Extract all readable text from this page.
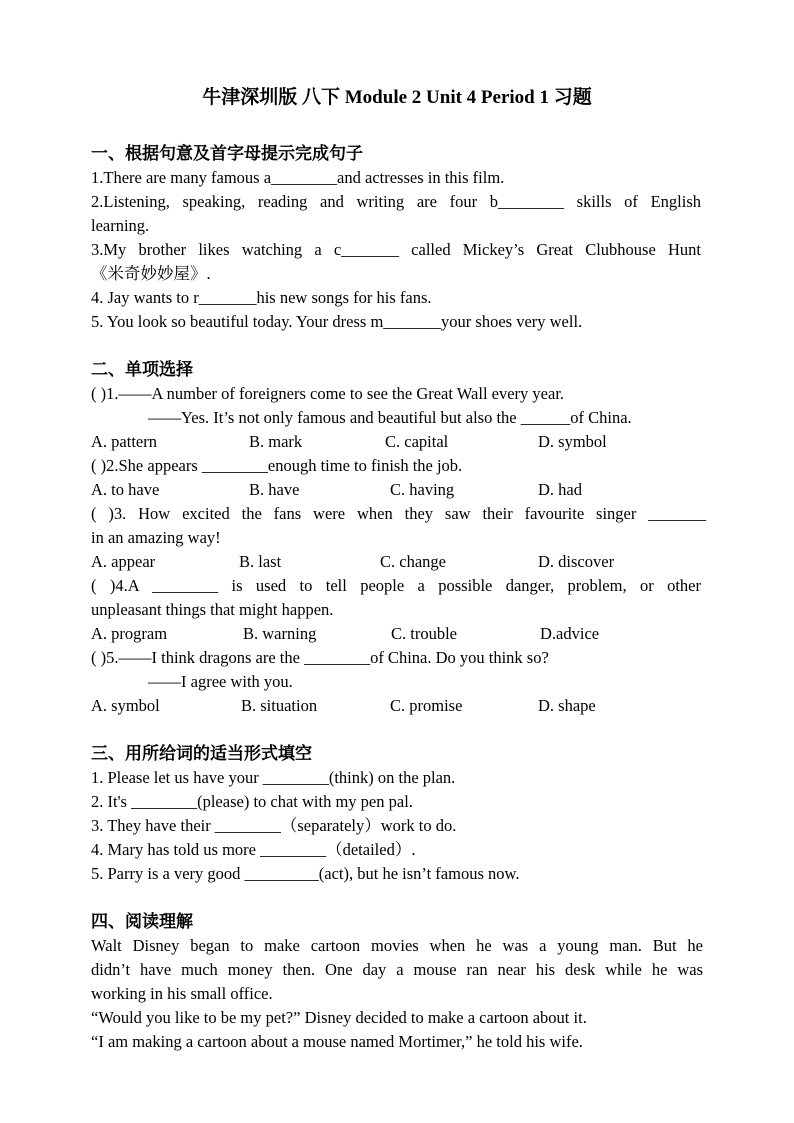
牛津深圳版 八下 Module 2 Unit 4 Period 1 习题
一、根据句意及首字母提示完成句子
1.There are many famous a________and actresses in this film.
2.Listening, speaking, reading and writing are four b________ skills of English
learning.
3.My brother likes watching a c_______ called Mickey’s Great Clubhouse Hunt
《米奇妙妙屋》.
4. Jay wants to r_______his new songs for his fans.
5. You look so beautiful today. Your dress m_______your shoes very well.
二、单项选择
( )1.——A number of foreigners come to see the Great Wall every year.
——Yes. It’s not only famous and beautiful but also the ______of China.
A. pattern	B. mark	C. capital	D. symbol
( )2.She appears ________enough time to finish the job.
A. to have	B. have	C. having	D. had
( )3. How excited the fans were when they saw their favourite singer _______
in an amazing way!
A. appear	B. last	C. change	D. discover
( )4.A ________ is used to tell people a possible danger, problem, or other
unpleasant things that might happen.
A. program	B. warning	C. trouble	D.advice
( )5.——I think dragons are the ________of China. Do you think so?
——I agree with you.
A. symbol	B. situation	C. promise	D. shape
三、用所给词的适当形式填空
1. Please let us have your ________(think) on the plan.
2. It's ________(please) to chat with my pen pal.
3. They have their ________（separately）work to do.
4. Mary has told us more ________（detailed）.
5. Parry is a very good _________(act), but he isn’t famous now.
四、阅读理解
Walt Disney began to make cartoon movies when he was a young man. But he
didn’t have much money then. One day a mouse ran near his desk while he was
working in his small office.
“Would you like to be my pet?” Disney decided to make a cartoon about it.
“I am making a cartoon about a mouse named Mortimer,” he told his wife.
